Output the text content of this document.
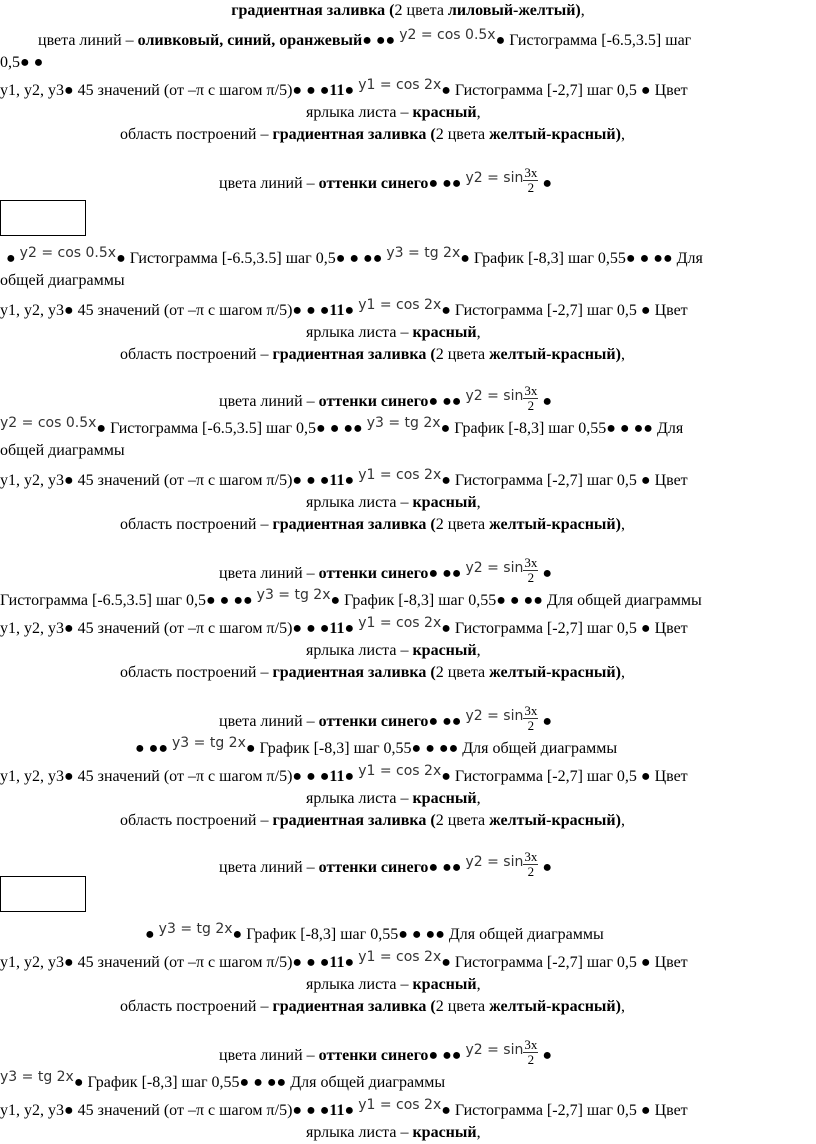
градиентная заливка (2 цвета лиловый-желтый),
цвета линий – оливковый, синий, оранжевый● ●● y2 = cos 0.5x● Гистограмма [-6.5,3.5] шаг
0,5● ●
y1, y2, y3● 45 значений (от –π с шагом π/5)● ● ●11● y1 = cos 2x● Гистограмма [-2,7] шаг 0,5 ● Цвет
ярлыка листа – красный,
область построений – градиентная заливка (2 цвета желтый-красный),
цвета линий – оттенки синего● ●● $y2 = \sin \frac{3x}{2}$ ●
● y2 = cos 0.5x● Гистограмма [-6.5,3.5] шаг 0,5● ● ●● y3 = tg 2x● График [-8,3] шаг 0,55● ● ●● Для
общей диаграммы
y1, y2, y3● 45 значений (от –π с шагом π/5)● ● ●11● y1 = cos 2x● Гистограмма [-2,7] шаг 0,5 ● Цвет
ярлыка листа – красный,
область построений – градиентная заливка (2 цвета желтый-красный),
цвета линий – оттенки синего● ●● $y2 = \sin \frac{3x}{2}$ ●
y2 = cos 0.5x● Гистограмма [-6.5,3.5] шаг 0,5● ● ●● y3 = tg 2x● График [-8,3] шаг 0,55● ● ●● Для
общей диаграммы
y1, y2, y3● 45 значений (от –π с шагом π/5)● ● ●11● y1 = cos 2x● Гистограмма [-2,7] шаг 0,5 ● Цвет
ярлыка листа – красный,
область построений – градиентная заливка (2 цвета желтый-красный),
цвета линий – оттенки синего● ●● $y2 = \sin \frac{3x}{2}$ ●
Гистограмма [-6.5,3.5] шаг 0,5● ● ●● y3 = tg 2x● График [-8,3] шаг 0,55● ● ●● Для общей диаграммы
y1, y2, y3● 45 значений (от –π с шагом π/5)● ● ●11● y1 = cos 2x● Гистограмма [-2,7] шаг 0,5 ● Цвет
ярлыка листа – красный,
область построений – градиентная заливка (2 цвета желтый-красный),
цвета линий – оттенки синего● ●● $y2 = \sin \frac{3x}{2}$ ●
● ●● y3 = tg 2x● График [-8,3] шаг 0,55● ● ●● Для общей диаграммы
y1, y2, y3● 45 значений (от –π с шагом π/5)● ● ●11● y1 = cos 2x● Гистограмма [-2,7] шаг 0,5 ● Цвет
ярлыка листа – красный,
область построений – градиентная заливка (2 цвета желтый-красный),
цвета линий – оттенки синего● ●● $y2 = \sin \frac{3x}{2}$ ●
● y3 = tg 2x● График [-8,3] шаг 0,55● ● ●● Для общей диаграммы
y1, y2, y3● 45 значений (от –π с шагом π/5)● ● ●11● y1 = cos 2x● Гистограмма [-2,7] шаг 0,5 ● Цвет
ярлыка листа – красный,
область построений – градиентная заливка (2 цвета желтый-красный),
цвета линий – оттенки синего● ●● $y2 = \sin \frac{3x}{2}$ ●
y3 = tg 2x● График [-8,3] шаг 0,55● ● ●● Для общей диаграммы
y1, y2, y3● 45 значений (от –π с шагом π/5)● ● ●11● y1 = cos 2x● Гистограмма [-2,7] шаг 0,5 ● Цвет
ярлыка листа – красный,
